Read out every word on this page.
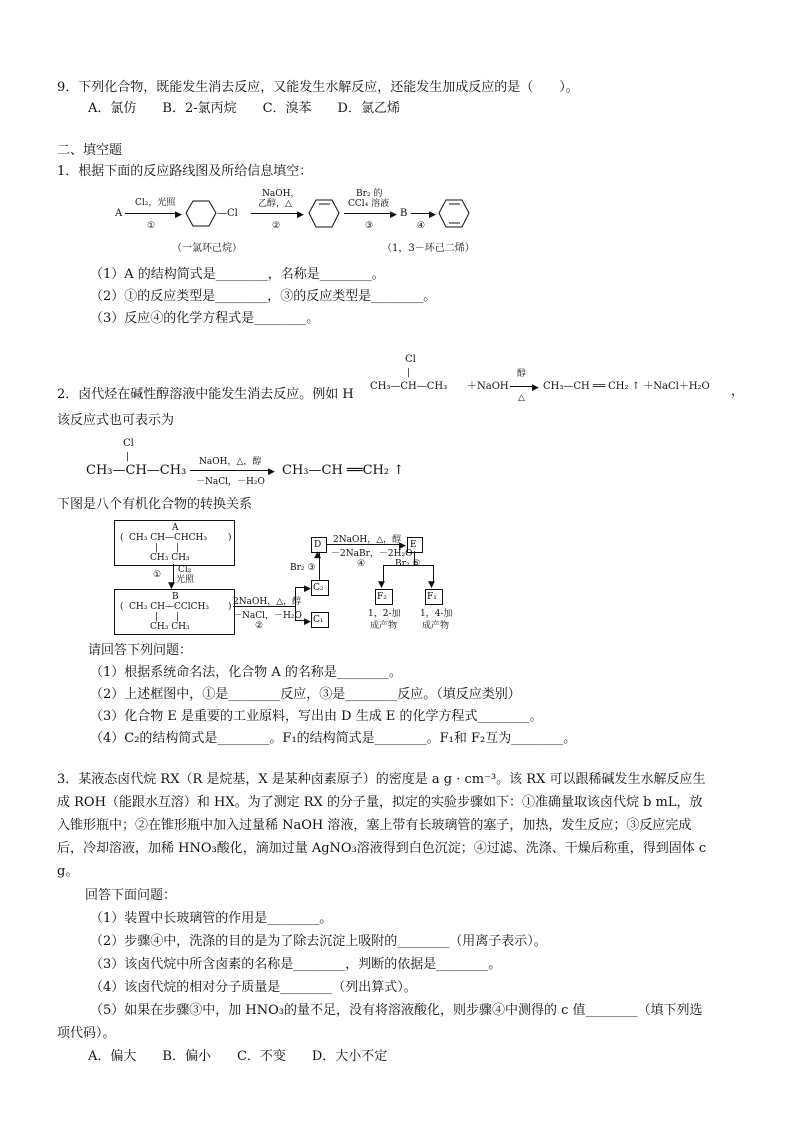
9．下列化合物，既能发生消去反应，又能发生水解反应，还能发生加成反应的是（　　）。
A．氯仿　　B．2-氯丙烷　　C．溴苯　　D．氯乙烯
二、填空题
1．根据下面的反应路线图及所给信息填空：
A
Cl₂，光照
▶
①
—Cl
NaOH，
乙醇，△
▶
②
Br₂ 的
CCl₄ 溶液
▶
③
B ▶
④
（一氯环己烷）	（1，3－环己二烯）
（1）A 的结构简式是________，名称是________。
（2）①的反应类型是________，③的反应类型是________。
（3）反应④的化学方程式是________。
2．卤代烃在碱性醇溶液中能发生消去反应。例如 H
Cl
|
CH₃—CH—CH₃ ＋NaOH
醇
▶
△
CH₃—CH ══ CH₂ ↑ ＋NaCl＋H₂O ，
该反应式也可表示为
Cl
|
CH₃—CH—CH₃
NaOH，△，醇
▶
－NaCl，－H₂O
CH₃—CH ══CH₂ ↑
下图是八个有机化合物的转换关系
A
(	)
CH₃ CH—CHCH₃
|　　|
CH₃ CH₃
▼
① Cl₂
光照
B
(	)
CH₃ CH—CClCH₃
|　　|
CH₃ CH₃
2NaOH，△，醇
▶
▶
－NaCl，－H₂O
②
C₂
C₁
▲
Br₂ ③
D 2NaOH，△，醇
▶
－2NaBr，－2H₂O
④
E
▼	▼
Br₂ ⑤
F₂	F₁
1，2-加
成产物
1，4-加
成产物
请回答下列问题：
（1）根据系统命名法，化合物 A 的名称是________。
（2）上述框图中，①是________反应，③是________反应。（填反应类别）
（3）化合物 E 是重要的工业原料，写出由 D 生成 E 的化学方程式________。
（4）C₂的结构简式是________。F₁的结构简式是________。F₁和 F₂互为________。
3．某液态卤代烷 RX（R 是烷基，X 是某种卤素原子）的密度是 a g · cm⁻³。该 RX 可以跟稀碱发生水解反应生
成 ROH（能跟水互溶）和 HX。为了测定 RX 的分子量，拟定的实验步骤如下：①准确量取该卤代烷 b mL，放
入锥形瓶中；②在锥形瓶中加入过量稀 NaOH 溶液，塞上带有长玻璃管的塞子，加热，发生反应；③反应完成
后，冷却溶液，加稀 HNO₃酸化，滴加过量 AgNO₃溶液得到白色沉淀；④过滤、洗涤、干燥后称重，得到固体 c
g。
回答下面问题：
（1）装置中长玻璃管的作用是________。
（2）步骤④中，洗涤的目的是为了除去沉淀上吸附的________（用离子表示）。
（3）该卤代烷中所含卤素的名称是________，判断的依据是________。
（4）该卤代烷的相对分子质量是________（列出算式）。
（5）如果在步骤③中，加 HNO₃的量不足，没有将溶液酸化，则步骤④中测得的 c 值________（填下列选
项代码）。
A．偏大　　B．偏小　　C．不变　　D．大小不定
